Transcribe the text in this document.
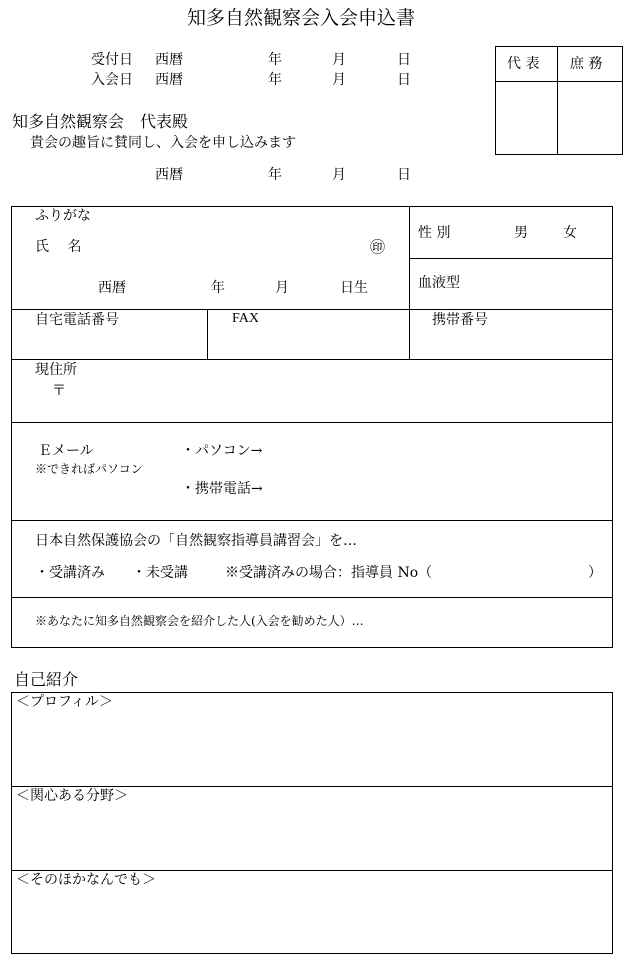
知多自然観察会入会申込書
受付日 西暦	年	月	日
入会日 西暦	年	月	日
代 表 庶 務
知多自然観察会　代表殿
貴会の趣旨に賛同し、入会を申し込みます
西暦	年	月	日
ふりがな
氏　 名	㊞
性 別	男	女
西暦	年	月	日生	血液型
自宅電話番号	FAX	携帯番号
現住所
〒
Ｅメール
※できればパソコン
・パソコン→
・携帯電話→
日本自然保護協会の「自然観察指導員講習会」を…
・受講済み ・未受講	※受講済みの場合：指導員 No（	）
※あなたに知多自然観察会を紹介した人(入会を勧めた人）…
自己紹介
＜プロフィル＞
＜関心ある分野＞
＜そのほかなんでも＞
